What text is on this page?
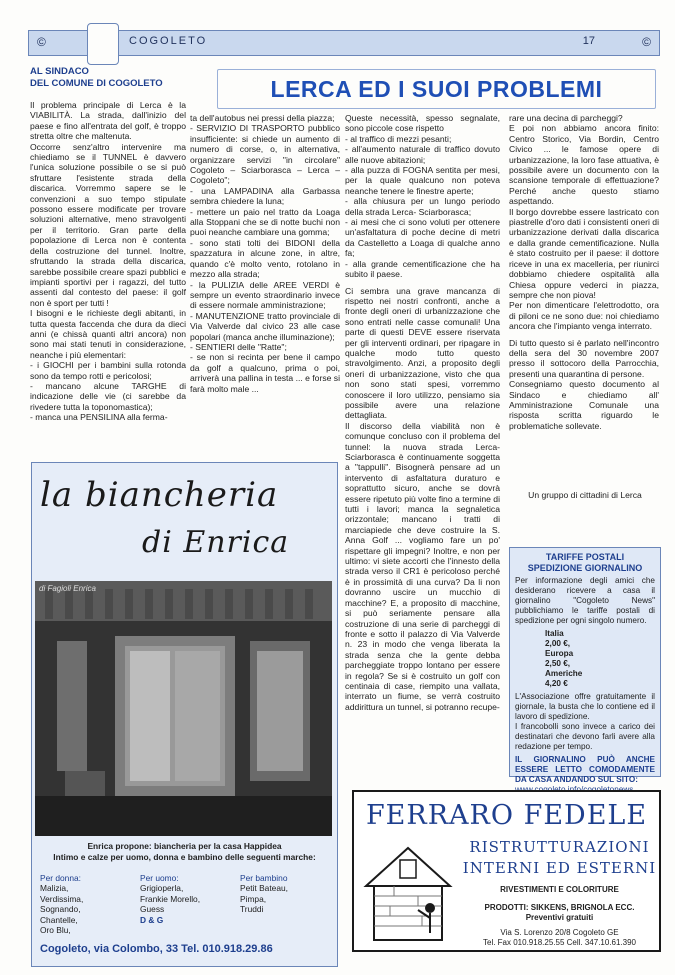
©	COGOLETO	17	©
AL SINDACO
DEL COMUNE DI COGOLETO	LERCA ED I SUOI PROBLEMI

Il problema principale di Lerca è la VIABILITÀ. La strada, dall'inizio del paese e fino all'entrata del golf, è troppo stretta oltre che maltenuta.

Occorre senz'altro intervenire ma chiediamo se il TUNNEL è davvero l'unica soluzione possibile o se si può sfruttare l'esistente strada della discarica. Vorremmo sapere se le convenzioni a suo tempo stipulate possono essere modificate per trovare soluzioni alternative, meno stravolgenti per il territorio. Gran parte della popolazione di Lerca non è contenta della costruzione del tunnel. Inoltre, sfruttando la strada della discarica, sarebbe possibile creare spazi pubblici e impianti sportivi per i ragazzi, del tutto assenti dal contesto del paese: il golf non è sport per tutti !

I bisogni e le richieste degli abitanti, in tutta questa faccenda che dura da dieci anni (e chissà quanti altri ancora) non sono mai stati tenuti in considerazione, neanche i più elementari:

- i GIOCHI per i bambini sulla rotonda sono da tempo rotti e pericolosi;

- mancano alcune TARGHE di indicazione delle vie (ci sarebbe da rivedere tutta la toponomastica);

- manca una PENSILINA alla ferma-

ta dell'autobus nei pressi della piazza;

- SERVIZIO DI TRASPORTO pubblico insufficiente: si chiede un aumento di numero di corse, o, in alternativa, organizzare servizi "in circolare" Cogoleto – Sciarborasca – Lerca – Cogoleto";

- una LAMPADINA alla Garbassa sembra chiedere la luna;

- mettere un paio nel tratto da Loaga alla Stoppani che se di notte buchi non puoi neanche cambiare una gomma;

- sono stati tolti dei BIDONI della spazzatura in alcune zone, in altre, quando c'è molto vento, rotolano in mezzo alla strada;

- la PULIZIA delle AREE VERDI è sempre un evento straordinario invece di essere normale amministrazione;

- MANUTENZIONE tratto provinciale di Via Valverde dal civico 23 alle case popolari (manca anche illuminazione);

- SENTIERI delle "Ratte";

- se non si recinta per bene il campo da golf a qualcuno, prima o poi, arriverà una pallina in testa ... e forse si farà molto male ...

Queste necessità, spesso segnalate, sono piccole cose rispetto

- al traffico di mezzi pesanti;

- all'aumento naturale di traffico dovuto alle nuove abitazioni;

- alla puzza di FOGNA sentita per mesi, per la quale qualcuno non poteva neanche tenere le finestre aperte;

- alla chiusura per un lungo periodo della strada Lerca- Sciarborasca;

- ai mesi che ci sono voluti per ottenere un'asfaltatura di poche decine di metri da Castelletto a Loaga di qualche anno fa;

- alla grande cementificazione che ha subito il paese.

Ci sembra una grave mancanza di rispetto nei nostri confronti, anche a fronte degli oneri di urbanizzazione che sono entrati nelle casse comunali! Una parte di questi DEVE essere riservata per gli interventi ordinari, per ripagare in qualche modo tutto questo stravolgimento. Anzi, a proposito degli oneri di urbanizzazione, visto che qua non sono stati spesi, vorremmo conoscere il loro utilizzo, pensiamo sia possibile avere una relazione dettagliata.

Il discorso della viabilità non è comunque concluso con il problema del tunnel: la nuova strada Lerca-Sciarborasca è continuamente soggetta a "tappulli". Bisognerà pensare ad un intervento di asfaltatura duraturo e soprattutto sicuro, anche se dovrà essere ripetuto più volte fino a termine di tutti i lavori; manca la segnaletica orizzontale; mancano i tratti di marciapiede che deve costruire la S. Anna Golf ... vogliamo fare un po' rispettare gli impegni? Inoltre, e non per ultimo: vi siete accorti che l'innesto della strada verso il CR1 è pericoloso perché è in prossimità di una curva? Da li non dovranno uscire un mucchio di macchine? E, a proposito di macchine, si può seriamente pensare alla costruzione di una serie di parcheggi di fronte e sotto il palazzo di Via Valverde n. 23 in modo che venga liberata la strada senza che la gente debba parcheggiate troppo lontano per essere in regola? Se si è costruito un golf con centinaia di case, riempito una vallata, interrato un fiume, se verrà costruito addirittura un tunnel, si potranno recupe-

rare una decina di parcheggi?

E poi non abbiamo ancora finito: Centro Storico, Via Bordin, Centro Civico ... le famose opere di urbanizzazione, la loro fase attuativa, è possibile avere un documento con la scansione temporale di effettuazione? Perché anche questo stiamo aspettando.

Il borgo dovrebbe essere lastricato con piastrelle d'oro dati i consistenti oneri di urbanizzazione derivati dalla discarica e dalla grande cementificazione. Nulla è stato costruito per il paese: il dottore riceve in una ex macelleria, per riunirci dobbiamo chiedere ospitalità alla Chiesa oppure vederci in piazza, sempre che non piova!

Per non dimenticare l'elettrodotto, ora di piloni ce ne sono due: noi chiediamo ancora che l'impianto venga interrato.

Di tutto questo si è parlato nell'incontro della sera del 30 novembre 2007 presso il sottocoro della Parrocchia, presenti una quarantina di persone.

Consegniamo questo documento al Sindaco e chiediamo all' Amministrazione Comunale una risposta scritta riguardo le problematiche sollevate.

Un gruppo di cittadini di Lerca
la biancheria
di Enrica
di Fagioli Enrica
Enrica propone: biancheria per la casa Happidea
Intimo e calze per uomo, donna e bambino delle seguenti marche:
Per donna:
Malizia,
Verdissima,
Sognando,
Chantelle,
Oro Blu,
Per uomo:
Grigioperla,
Frankie Morello,
Guess
D & G
Per bambino
Petit Bateau,
Pimpa,
Truddi
Cogoleto, via Colombo, 33 Tel. 010.918.29.86
TARIFFE POSTALI
SPEDIZIONE GIORNALINO
Per informazione degli amici che desiderano ricevere a casa il giornalino "Cogoleto News" pubblichiamo le tariffe postali di spedizione per ogni singolo numero.
Italia2,00 €,
Europa2,50 €,
Americhe4,20 €
L'Associazione offre gratuitamente il giornale, la busta che lo contiene ed il lavoro di spedizione.
I francobolli sono invece a carico dei destinatari che devono farli avere alla redazione per tempo.
IL GIORNALINO PUÒ ANCHE ESSERE LETTO COMODAMENTE DA CASA ANDANDO SUL SITO:
FERRARO FEDELE
RISTRUTTURAZIONI
INTERNI ED ESTERNI
RIVESTIMENTI E COLORITURE
PRODOTTI: SIKKENS, BRIGNOLA ECC.
Preventivi gratuiti
Via S. Lorenzo 20/8 Cogoleto GE
Tel. Fax 010.918.25.55 Cell. 347.10.61.390
